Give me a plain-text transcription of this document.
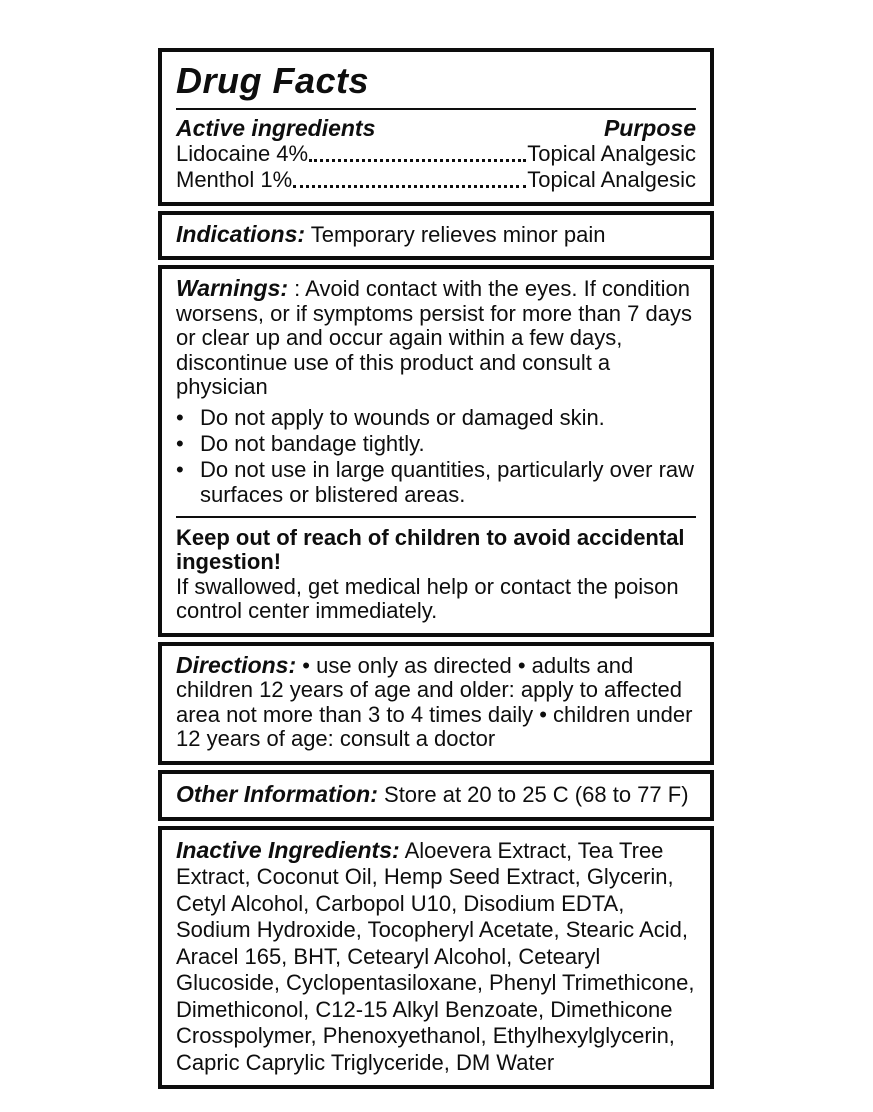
Drug Facts
Active ingredients	Purpose
Lidocaine 4%	Topical Analgesic
Menthol 1%	Topical Analgesic

Indications: Temporary relieves minor pain

Warnings: : Avoid contact with the eyes. If condition worsens, or if symptoms persist for more than 7 days or clear up and occur again within a few days, discontinue use of this product and consult a physician

• Do not apply to wounds or damaged skin.
• Do not bandage tightly.
• Do not use in large quantities, particularly over raw surfaces or blistered areas.

Keep out of reach of children to avoid accidental ingestion!

If swallowed, get medical help or contact the poison control center immediately.

Directions: • use only as directed • adults and children 12 years of age and older: apply to affected area not more than 3 to 4 times daily • children under 12 years of age: consult a doctor

Other Information: Store at 20 to 25 C (68 to 77 F)

Inactive Ingredients: Aloevera Extract, Tea Tree Extract, Coconut Oil, Hemp Seed Extract, Glycerin, Cetyl Alcohol, Carbopol U10, Disodium EDTA, Sodium Hydroxide, Tocopheryl Acetate, Stearic Acid, Aracel 165, BHT, Cetearyl Alcohol, Cetearyl Glucoside, Cyclopentasiloxane, Phenyl Trimethicone, Dimethiconol, C12-15 Alkyl Benzoate, Dimethicone Crosspolymer, Phenoxyethanol, Ethylhexylglycerin, Capric Caprylic Triglyceride, DM Water
